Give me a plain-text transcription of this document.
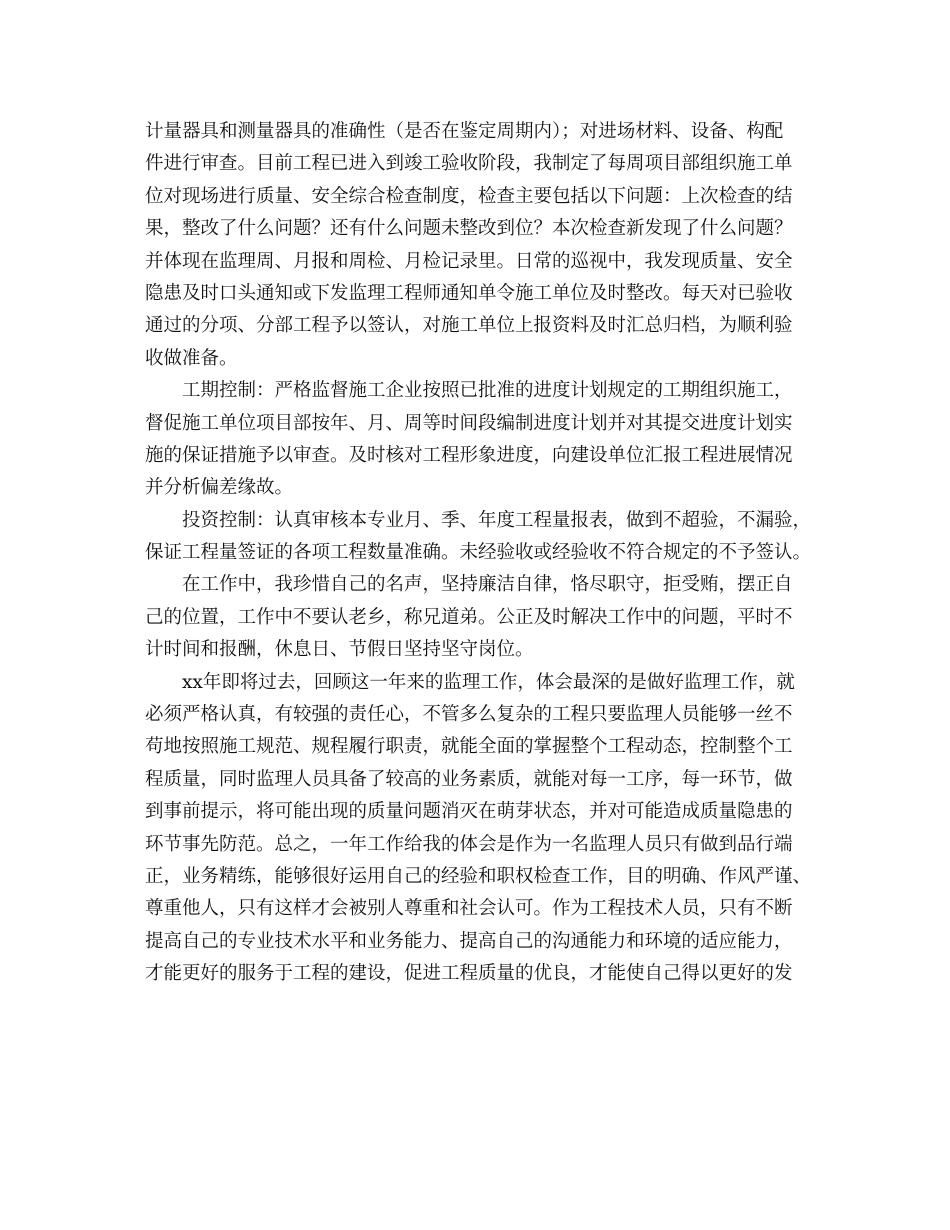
计量器具和测量器具的准确性（是否在鉴定周期内）；对进场材料、设备、构配
件进行审查。目前工程已进入到竣工验收阶段，我制定了每周项目部组织施工单
位对现场进行质量、安全综合检查制度，检查主要包括以下问题：上次检查的结
果，整改了什么问题？还有什么问题未整改到位？本次检查新发现了什么问题？
并体现在监理周、月报和周检、月检记录里。日常的巡视中，我发现质量、安全
隐患及时口头通知或下发监理工程师通知单令施工单位及时整改。每天对已验收
通过的分项、分部工程予以签认，对施工单位上报资料及时汇总归档，为顺利验
收做准备。
工期控制：严格监督施工企业按照已批准的进度计划规定的工期组织施工，
督促施工单位项目部按年、月、周等时间段编制进度计划并对其提交进度计划实
施的保证措施予以审查。及时核对工程形象进度，向建设单位汇报工程进展情况
并分析偏差缘故。
投资控制：认真审核本专业月、季、年度工程量报表，做到不超验，不漏验，
保证工程量签证的各项工程数量准确。未经验收或经验收不符合规定的不予签认。
在工作中，我珍惜自己的名声，坚持廉洁自律，恪尽职守，拒受贿，摆正自
己的位置，工作中不要认老乡，称兄道弟。公正及时解决工作中的问题，平时不
计时间和报酬，休息日、节假日坚持坚守岗位。
xx年即将过去，回顾这一年来的监理工作，体会最深的是做好监理工作，就
必须严格认真，有较强的责任心，不管多么复杂的工程只要监理人员能够一丝不
苟地按照施工规范、规程履行职责，就能全面的掌握整个工程动态，控制整个工
程质量，同时监理人员具备了较高的业务素质，就能对每一工序，每一环节，做
到事前提示，将可能出现的质量问题消灭在萌芽状态，并对可能造成质量隐患的
环节事先防范。总之，一年工作给我的体会是作为一名监理人员只有做到品行端
正，业务精练，能够很好运用自己的经验和职权检查工作，目的明确、作风严谨、
尊重他人，只有这样才会被别人尊重和社会认可。作为工程技术人员，只有不断
提高自己的专业技术水平和业务能力、提高自己的沟通能力和环境的适应能力，
才能更好的服务于工程的建设，促进工程质量的优良，才能使自己得以更好的发
